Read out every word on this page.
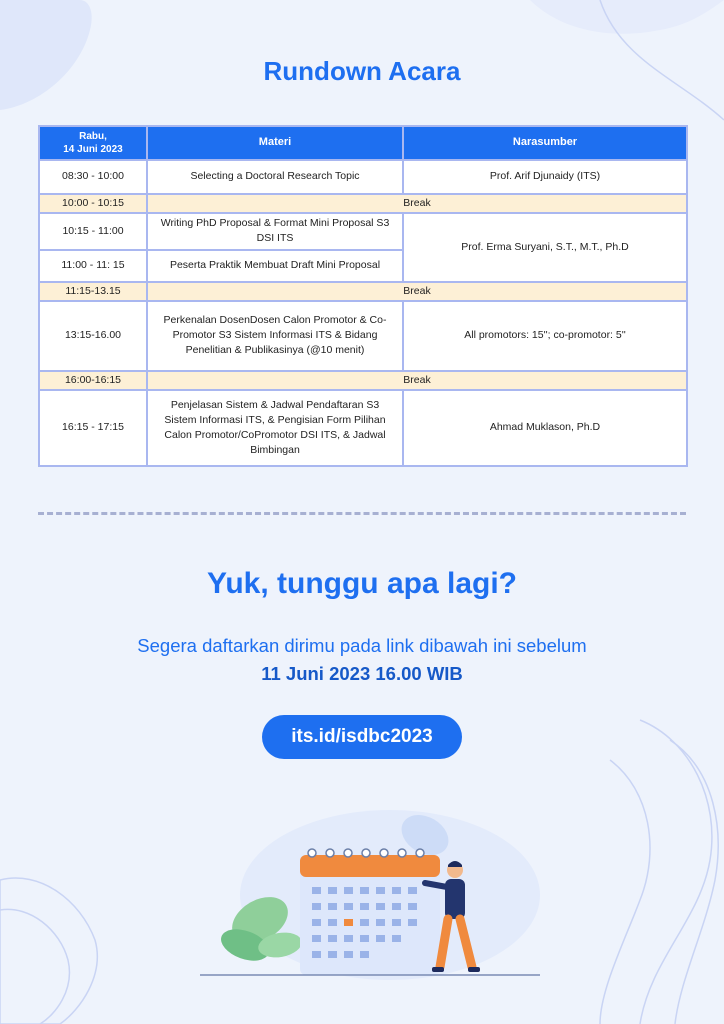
Rundown Acara
Rabu,
14 Juni 2023	Materi	Narasumber
08:30 - 10:00	Selecting a Doctoral Research Topic	Prof. Arif Djunaidy (ITS)
10:00 - 10:15	Break	
10:15 - 11:00	Writing PhD Proposal & Format Mini Proposal S3 DSI ITS	Prof. Erma Suryani, S.T., M.T., Ph.D
11:00 - 11: 15	Peserta Praktik Membuat Draft Mini Proposal	
11:15-13.15	Break	
13:15-16.00	Perkenalan DosenDosen Calon Promotor & Co-Promotor S3 Sistem Informasi ITS & Bidang Penelitian & Publikasinya (@10 menit)	All promotors: 15''; co-promotor: 5''
16:00-16:15	Break	
16:15 - 17:15	Penjelasan Sistem & Jadwal Pendaftaran S3 Sistem Informasi ITS, & Pengisian Form Pilihan Calon Promotor/CoPromotor DSI ITS, & Jadwal Bimbingan	Ahmad Muklason, Ph.D
Yuk, tunggu apa lagi?
Segera daftarkan dirimu pada link dibawah ini sebelum
11 Juni 2023 16.00 WIB
its.id/isdbc2023
